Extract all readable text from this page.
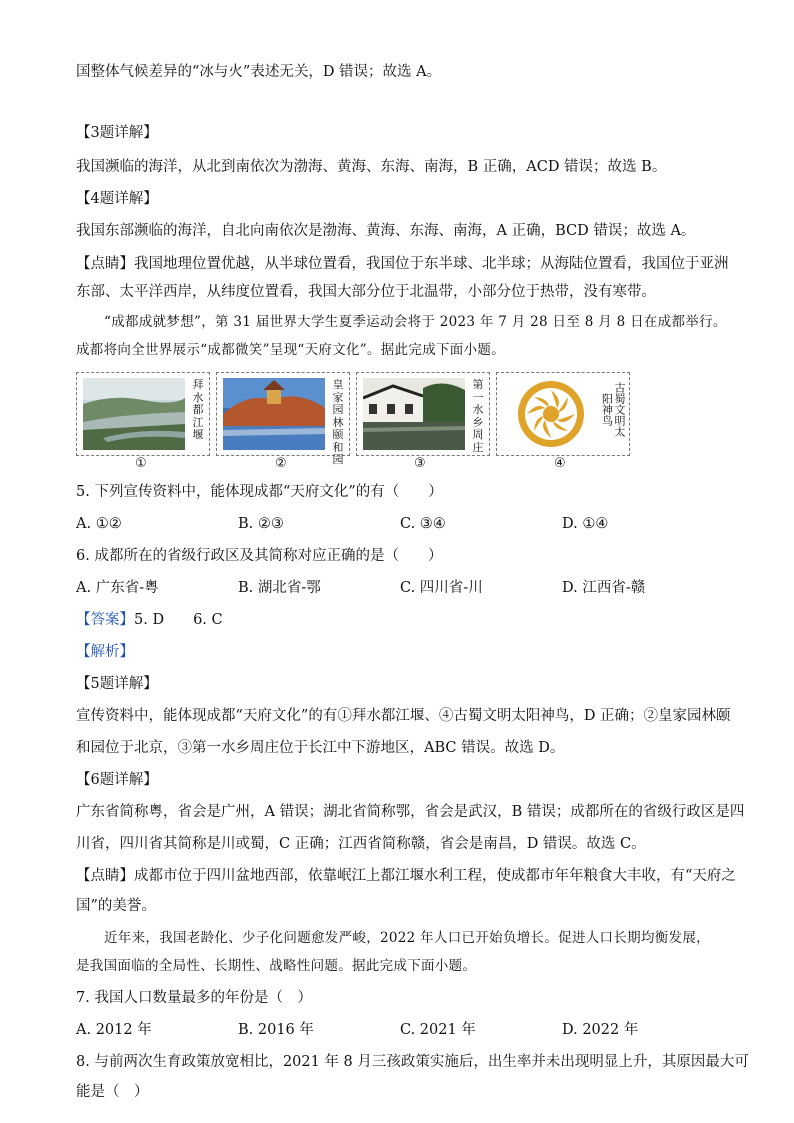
国整体气候差异的“冰与火”表述无关，D 错误；故选 A。
【3题详解】
我国濒临的海洋，从北到南依次为渤海、黄海、东海、南海，B 正确，ACD 错误；故选 B。
【4题详解】
我国东部濒临的海洋，自北向南依次是渤海、黄海、东海、南海，A 正确，BCD 错误；故选 A。
【点睛】我国地理位置优越，从半球位置看，我国位于东半球、北半球；从海陆位置看，我国位于亚洲
东部、太平洋西岸，从纬度位置看，我国大部分位于北温带，小部分位于热带，没有寒带。
“成都成就梦想”，第 31 届世界大学生夏季运动会将于 2023 年 7 月 28 日至 8 月 8 日在成都举行。
成都将向全世界展示“成都微笑”呈现“天府文化”。据此完成下面小题。
拜
水
都
江
堰
①
皇
家
园
林
颐
和
园
②
第
一
水
乡
周
庄
③
古蜀文明太阳神鸟
④
5. 下列宣传资料中，能体现成都“天府文化”的有（　　）
A. ①②	B. ②③	C. ③④	D. ①④
6. 成都所在的省级行政区及其简称对应正确的是（　　）
A. 广东省-粤	B. 湖北省-鄂	C. 四川省-川	D. 江西省-赣
【答案】5. D　　6. C
【解析】
【5题详解】
宣传资料中，能体现成都“天府文化”的有①拜水都江堰、④古蜀文明太阳神鸟，D 正确；②皇家园林颐
和园位于北京，③第一水乡周庄位于长江中下游地区，ABC 错误。故选 D。
【6题详解】
广东省简称粤，省会是广州，A 错误；湖北省简称鄂，省会是武汉，B 错误；成都所在的省级行政区是四
川省，四川省其简称是川或蜀，C 正确；江西省简称赣，省会是南昌，D 错误。故选 C。
【点睛】成都市位于四川盆地西部，依靠岷江上都江堰水利工程，使成都市年年粮食大丰收，有“天府之
国”的美誉。
近年来，我国老龄化、少子化问题愈发严峻，2022 年人口已开始负增长。促进人口长期均衡发展，
是我国面临的全局性、长期性、战略性问题。据此完成下面小题。
7. 我国人口数量最多的年份是（　）
A. 2012 年	B. 2016 年	C. 2021 年	D. 2022 年
8. 与前两次生育政策放宽相比，2021 年 8 月三孩政策实施后，出生率并未出现明显上升，其原因最大可
能是（　）
